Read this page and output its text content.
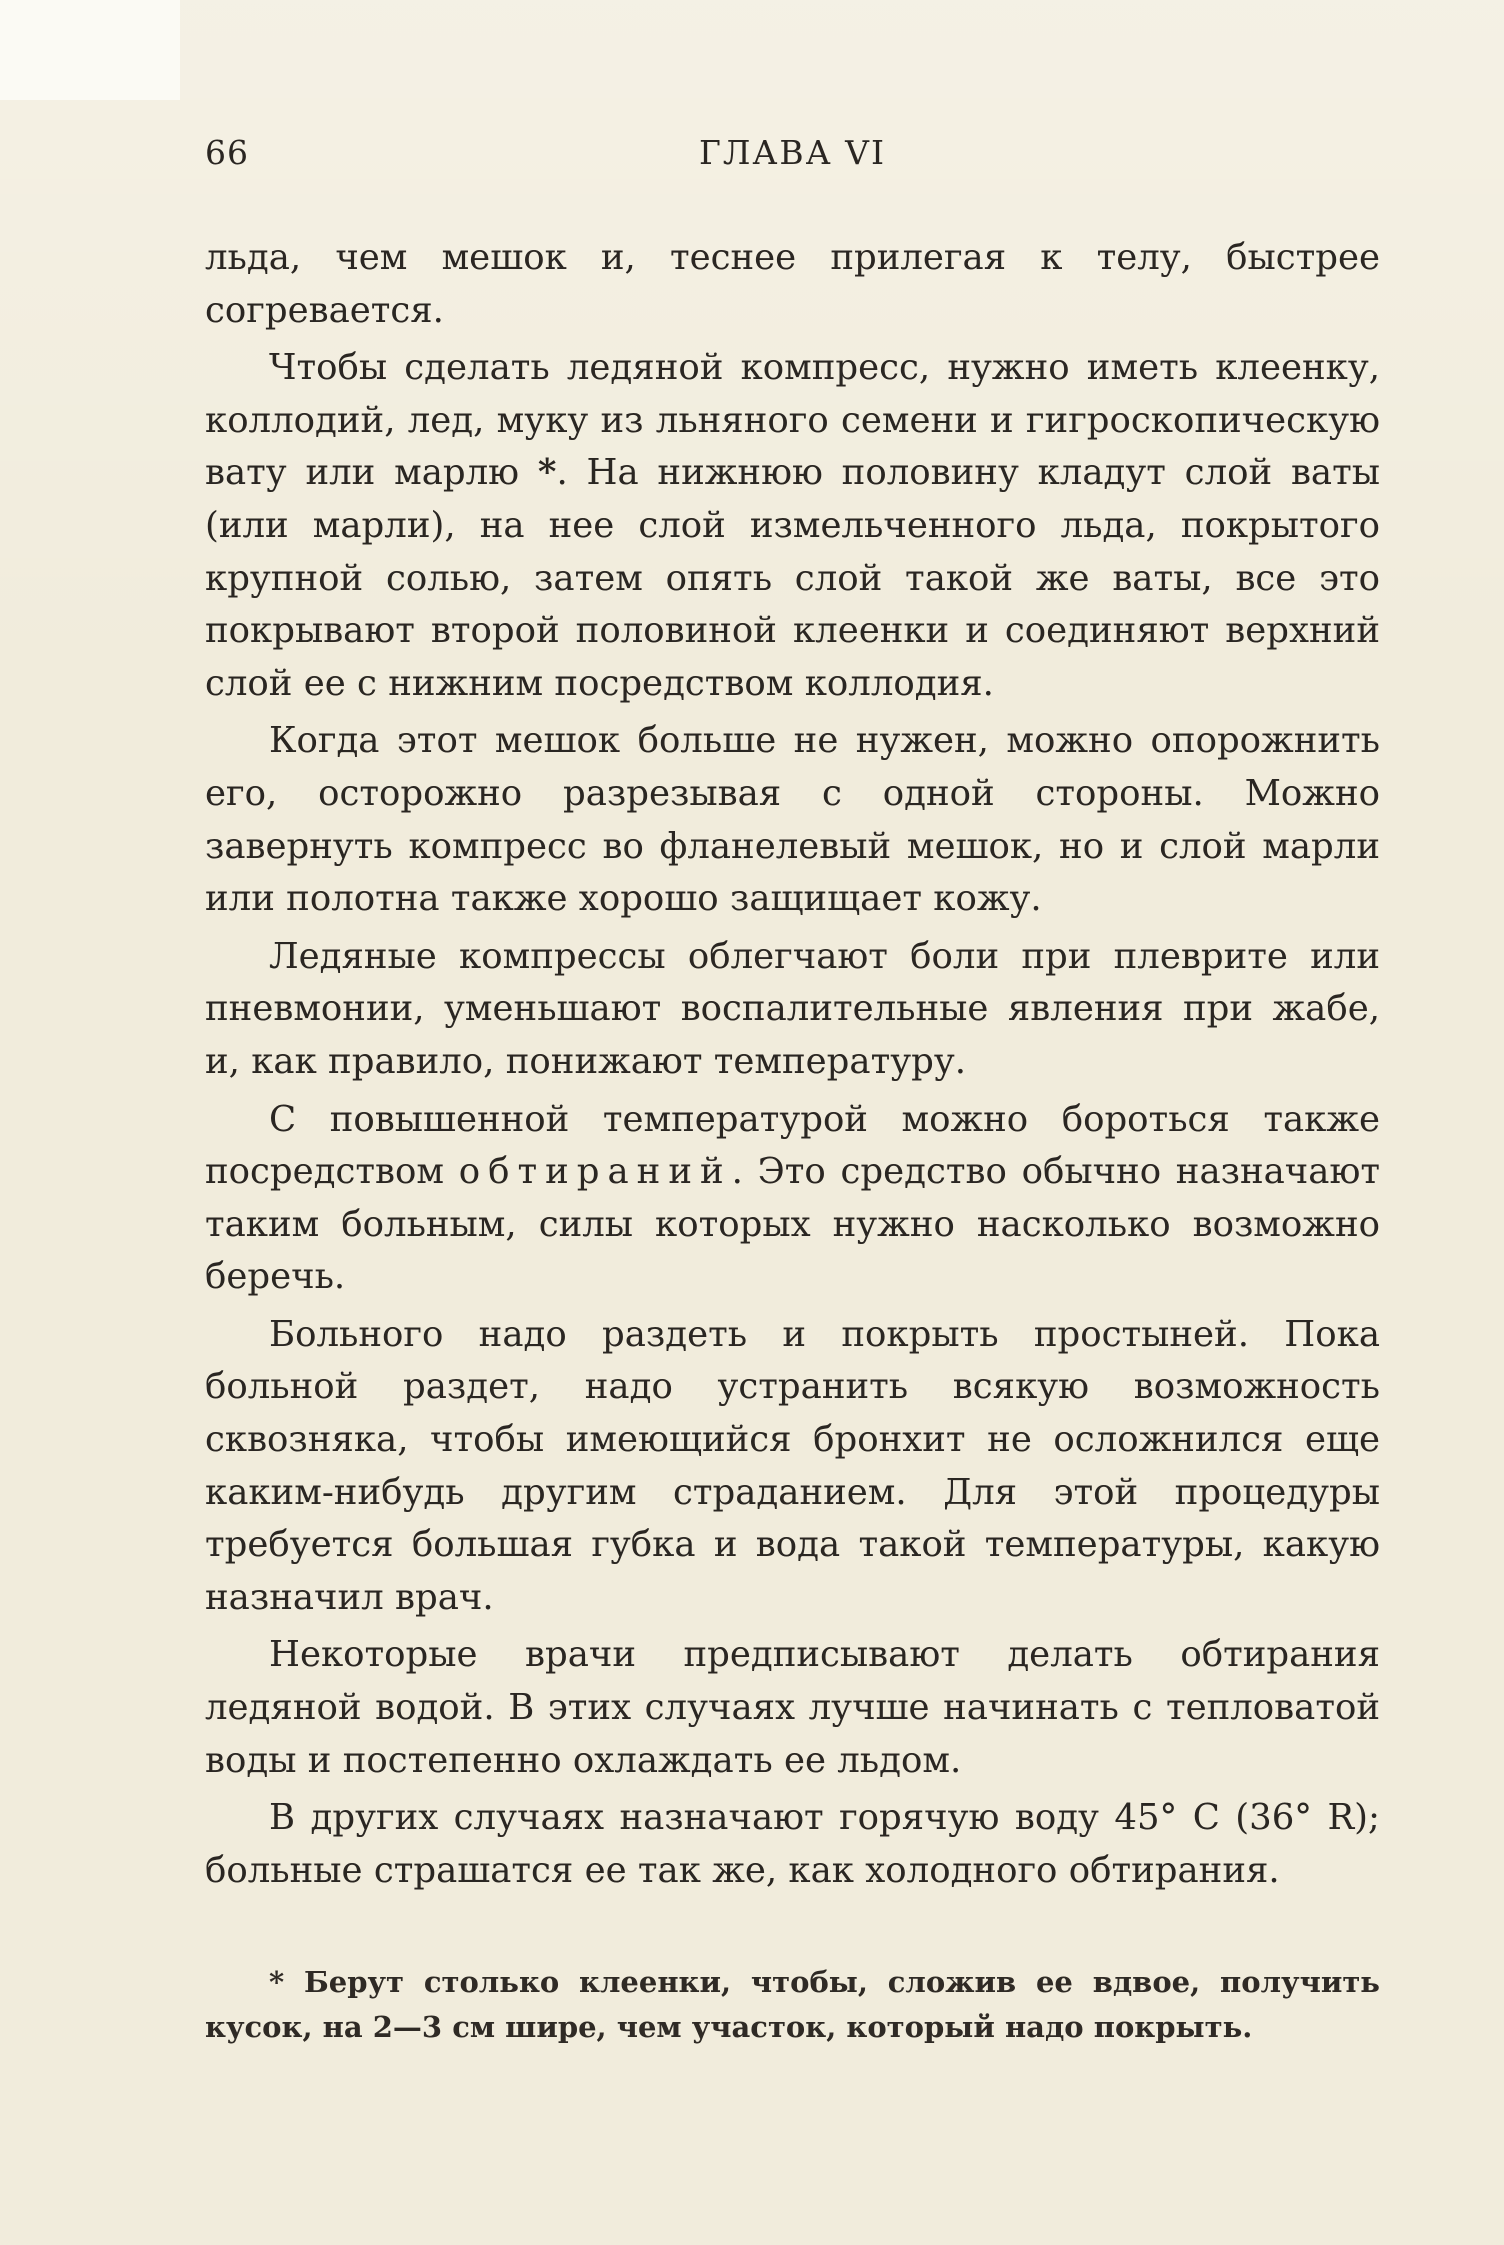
66	ГЛАВА VI

льда, чем мешок и, теснее прилегая к телу, быстрее согревается.

Чтобы сделать ледяной компресс, нужно иметь клеенку, коллодий, лед, муку из льняного семени и гигроскопическую вату или марлю *. На нижнюю половину кладут слой ваты (или марли), на нее слой измельченного льда, покрытого крупной солью, затем опять слой такой же ваты, все это покрывают второй половиной клеенки и соединяют верхний слой ее с нижним посредством коллодия.

Когда этот мешок больше не нужен, можно опорожнить его, осторожно разрезывая с одной стороны. Можно завернуть компресс во фланелевый мешок, но и слой марли или полотна также хорошо защищает кожу.

Ледяные компрессы облегчают боли при плеврите или пневмонии, уменьшают воспалительные явления при жабе, и, как правило, понижают температуру.

С повышенной температурой можно бороться также посредством обтираний. Это средство обычно назначают таким больным, силы которых нужно насколько возможно беречь.

Больного надо раздеть и покрыть простыней. Пока больной раздет, надо устранить всякую возможность сквозняка, чтобы имеющийся бронхит не осложнился еще каким-нибудь другим страданием. Для этой процедуры требуется большая губка и вода такой температуры, какую назначил врач.

Некоторые врачи предписывают делать обтирания ледяной водой. В этих случаях лучше начинать с тепловатой воды и постепенно охлаждать ее льдом.

В других случаях назначают горячую воду 45° C (36° R); больные страшатся ее так же, как холодного обтирания.

* Берут столько клеенки, чтобы, сложив ее вдвое, получить кусок, на 2—3 см шире, чем участок, который надо покрыть.
